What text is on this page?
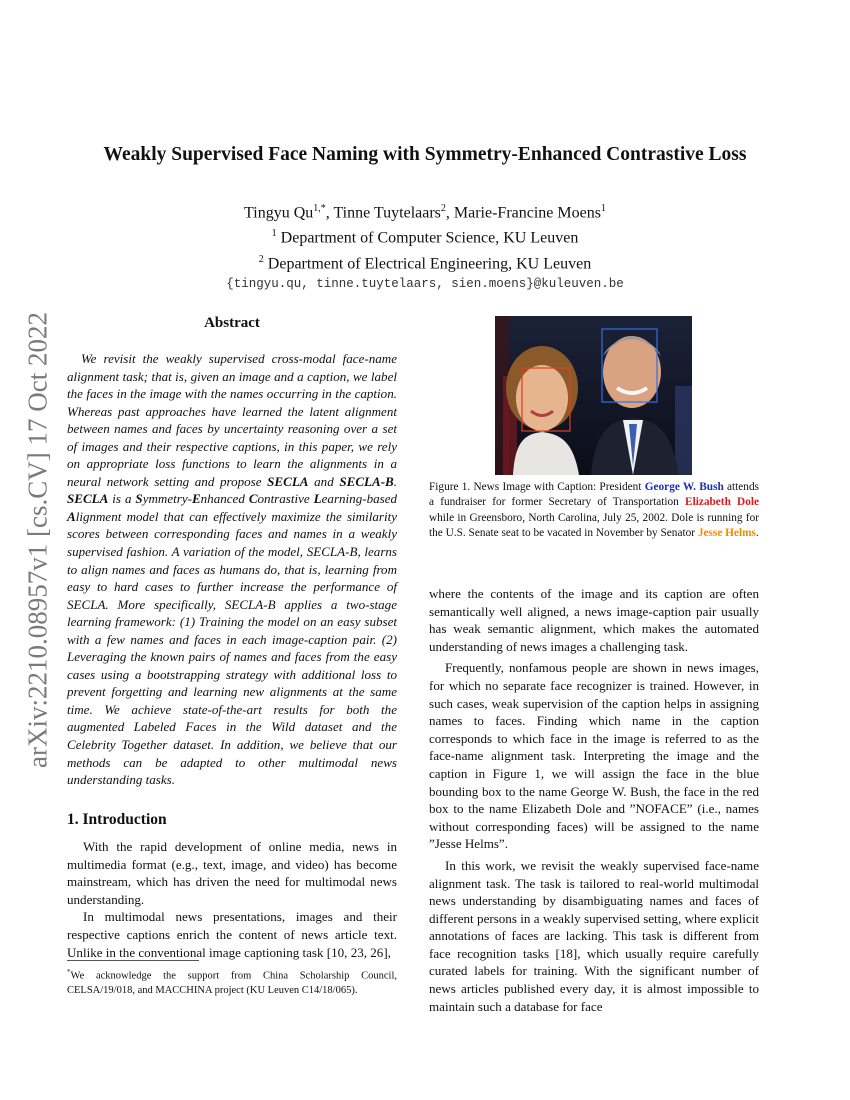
arXiv:2210.08957v1 [cs.CV] 17 Oct 2022
Weakly Supervised Face Naming with Symmetry-Enhanced Contrastive Loss
Tingyu $Qu^{1,*}$, Tinne Tuytelaars$^2$, Marie-Francine Moens$^1$
$^1$ Department of Computer Science, KU Leuven
$^2$ Department of Electrical Engineering, KU Leuven
{tingyu.qu, tinne.tuytelaars, sien.moens}@kuleuven.be
Abstract
We revisit the weakly supervised cross-modal face-name alignment task; that is, given an image and a caption, we label the faces in the image with the names occurring in the caption. Whereas past approaches have learned the latent alignment between names and faces by uncertainty reasoning over a set of images and their respective captions, in this paper, we rely on appropriate loss functions to learn the alignments in a neural network setting and propose SECLA and SECLA-B. SECLA is a Symmetry-Enhanced Contrastive Learning-based Alignment model that can effectively maximize the similarity scores between corresponding faces and names in a weakly supervised fashion. A variation of the model, SECLA-B, learns to align names and faces as humans do, that is, learning from easy to hard cases to further increase the performance of SECLA. More specifically, SECLA-B applies a two-stage learning framework: (1) Training the model on an easy subset with a few names and faces in each image-caption pair. (2) Leveraging the known pairs of names and faces from the easy cases using a bootstrapping strategy with additional loss to prevent forgetting and learning new alignments at the same time. We achieve state-of-the-art results for both the augmented Labeled Faces in the Wild dataset and the Celebrity Together dataset. In addition, we believe that our methods can be adapted to other multimodal news understanding tasks.
1. Introduction

With the rapid development of online media, news in multimedia format (e.g., text, image, and video) has become mainstream, which has driven the need for multimodal news understanding.

In multimodal news presentations, images and their respective captions enrich the content of news article text. Unlike in the conventional image captioning task [10, 23, 26],

*We acknowledge the support from China Scholarship Council, CELSA/19/018, and MACCHINA project (KU Leuven C14/18/065).
Figure 1. News Image with Caption: President George W. Bush attends a fundraiser for former Secretary of Transportation Elizabeth Dole while in Greensboro, North Carolina, July 25, 2002. Dole is running for the U.S. Senate seat to be vacated in November by Senator Jesse Helms.

where the contents of the image and its caption are often semantically well aligned, a news image-caption pair usually has weak semantic alignment, which makes the automated understanding of news images a challenging task.

Frequently, nonfamous people are shown in news images, for which no separate face recognizer is trained. However, in such cases, weak supervision of the caption helps in assigning names to faces. Finding which name in the caption corresponds to which face in the image is referred to as the face-name alignment task. Interpreting the image and the caption in Figure 1, we will assign the face in the blue bounding box to the name George W. Bush, the face in the red box to the name Elizabeth Dole and ”NOFACE” (i.e., names without corresponding faces) will be assigned to the name ”Jesse Helms”.

In this work, we revisit the weakly supervised face-name alignment task. The task is tailored to real-world multimodal news understanding by disambiguating names and faces of different persons in a weakly supervised setting, where explicit annotations of faces are lacking. This task is different from face recognition tasks [18], which usually require carefully curated labels for training. With the significant number of news articles published every day, it is almost impossible to maintain such a database for face
